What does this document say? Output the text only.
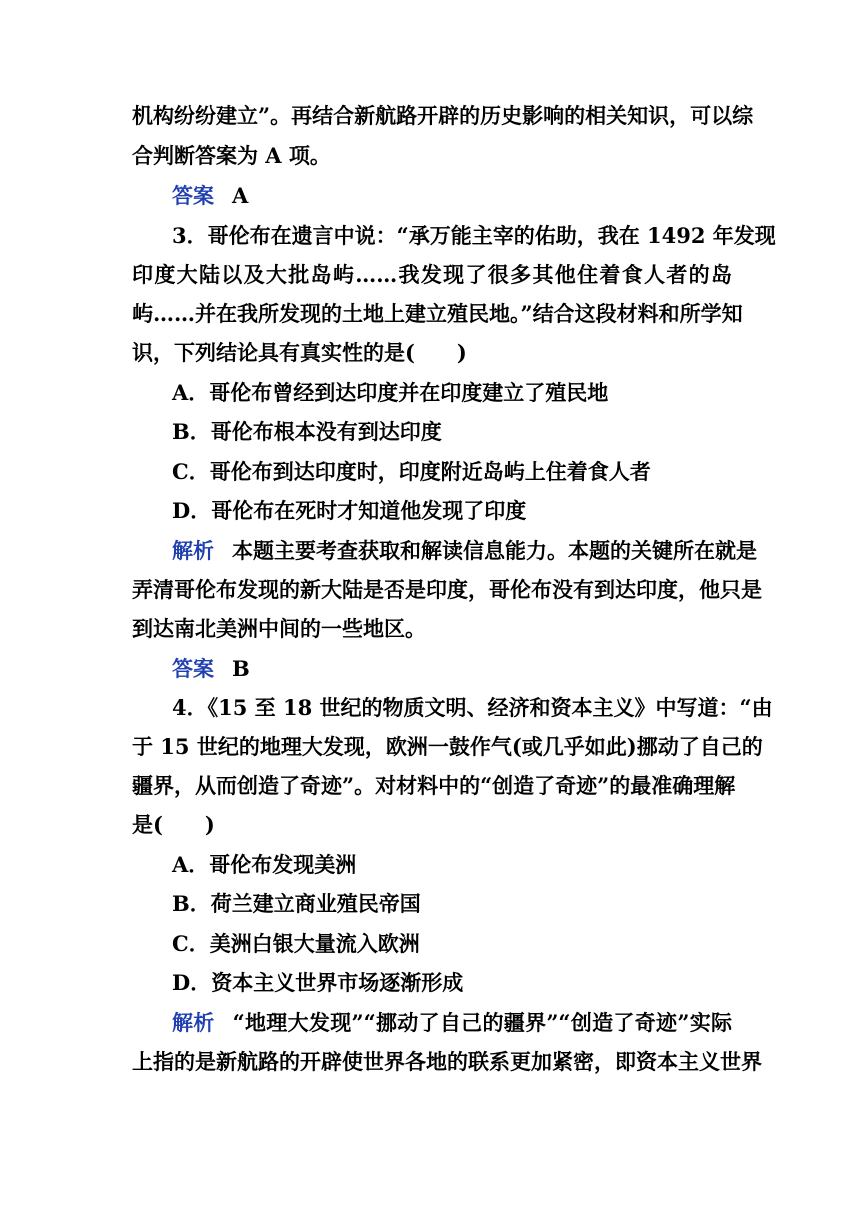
机构纷纷建立”。再结合新航路开辟的历史影响的相关知识，可以综
合判断答案为 A 项。
答案 A
3．哥伦布在遗言中说：“承万能主宰的佑助，我在 1492 年发现
印度大陆以及大批岛屿……我发现了很多其他住着食人者的岛
屿……并在我所发现的土地上建立殖民地。”结合这段材料和所学知
识，下列结论具有真实性的是(　　)
A．哥伦布曾经到达印度并在印度建立了殖民地
B．哥伦布根本没有到达印度
C．哥伦布到达印度时，印度附近岛屿上住着食人者
D．哥伦布在死时才知道他发现了印度
解析 本题主要考查获取和解读信息能力。本题的关键所在就是
弄清哥伦布发现的新大陆是否是印度，哥伦布没有到达印度，他只是
到达南北美洲中间的一些地区。
答案 B
4．《15 至 18 世纪的物质文明、经济和资本主义》中写道：“由
于 15 世纪的地理大发现，欧洲一鼓作气(或几乎如此)挪动了自己的
疆界，从而创造了奇迹”。对材料中的“创造了奇迹”的最准确理解
是(　　)
A．哥伦布发现美洲
B．荷兰建立商业殖民帝国
C．美洲白银大量流入欧洲
D．资本主义世界市场逐渐形成
解析 “地理大发现”“挪动了自己的疆界”“创造了奇迹”实际
上指的是新航路的开辟使世界各地的联系更加紧密，即资本主义世界
